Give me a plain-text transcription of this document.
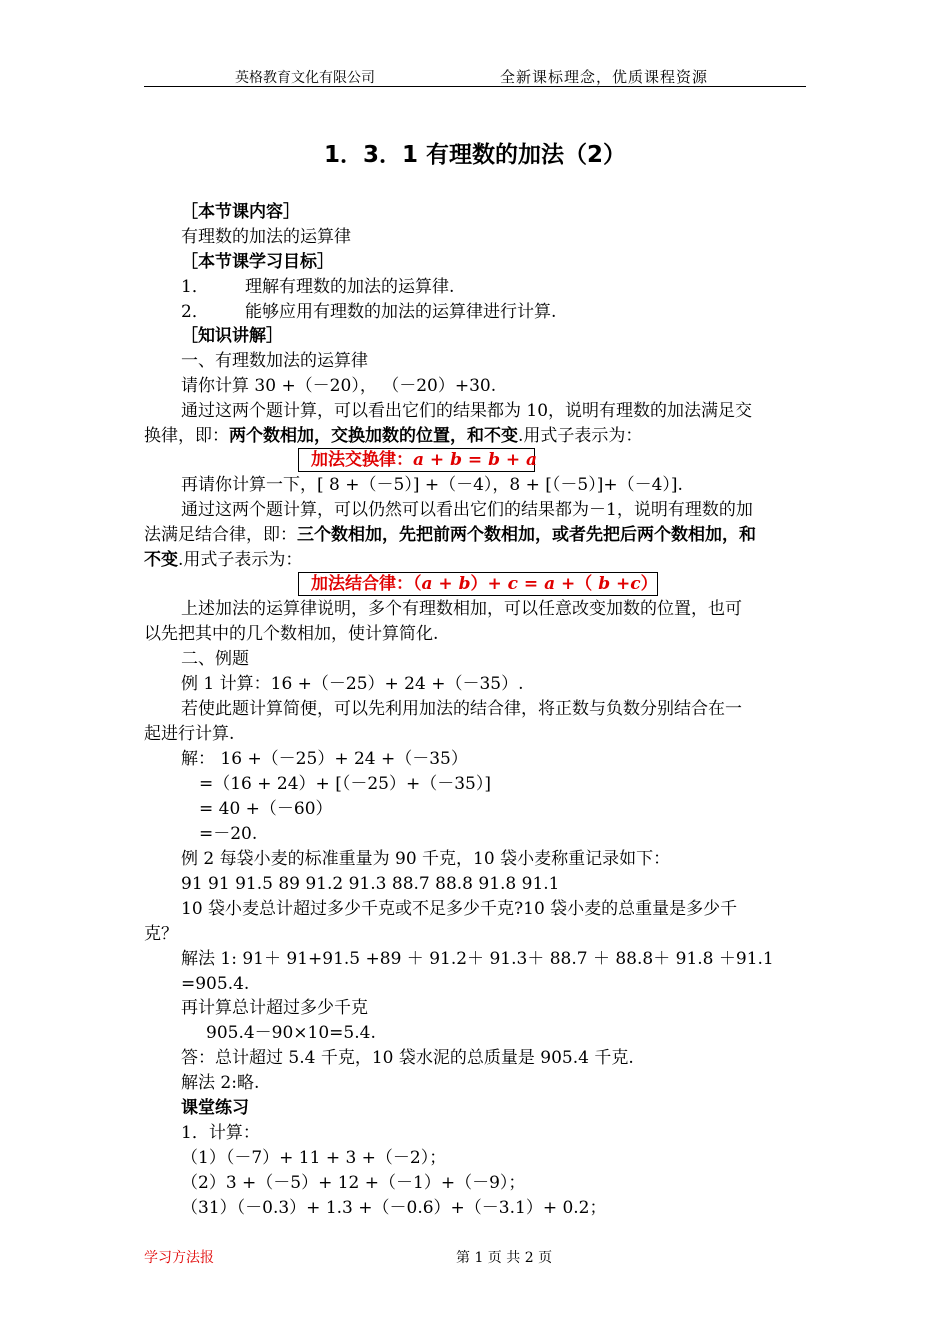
英格教育文化有限公司	全新课标理念，优质课程资源
1．3．1 有理数的加法（2）
［本节课内容］
有理数的加法的运算律
［本节课学习目标］
1． 理解有理数的加法的运算律.
2． 能够应用有理数的加法的运算律进行计算.
［知识讲解］
一、有理数加法的运算律
请你计算 30 +（－20）， （－20）+30.
通过这两个题计算，可以看出它们的结果都为 10，说明有理数的加法满足交
换律，即：两个数相加，交换加数的位置，和不变.用式子表示为：
加法交换律：a + b = b + a
再请你计算一下，[ 8 +（－5）] +（－4），8 + [（－5）]+（－4）].
通过这两个题计算，可以仍然可以看出它们的结果都为－1，说明有理数的加
法满足结合律，即：三个数相加，先把前两个数相加，或者先把后两个数相加，和
不变.用式子表示为：
加法结合律：（a + b）+ c = a +（ b +c）
上述加法的运算律说明，多个有理数相加，可以任意改变加数的位置，也可
以先把其中的几个数相加，使计算简化.
二、例题
例 1 计算：16 +（－25）+ 24 +（－35）.
若使此题计算简便，可以先利用加法的结合律，将正数与负数分别结合在一
起进行计算.
解： 16 +（－25）+ 24 +（－35）
=（16 + 24）+ [（－25）+（－35）]
= 40 +（－60）
=－20.
例 2 每袋小麦的标准重量为 90 千克，10 袋小麦称重记录如下：
91 91 91.5 89 91.2 91.3 88.7 88.8 91.8 91.1
10 袋小麦总计超过多少千克或不足多少千克?10 袋小麦的总重量是多少千
克？
解法 1: 91＋ 91+91.5 +89 ＋ 91.2＋ 91.3＋ 88.7 ＋ 88.8＋ 91.8 ＋91.1
=905.4.
再计算总计超过多少千克
905.4－90×10=5.4.
答：总计超过 5.4 千克，10 袋水泥的总质量是 905.4 千克.
解法 2:略.
课堂练习
1．计算：
（1）（－7）+ 11 + 3 +（－2）；
（2）3 +（－5）+ 12 +（－1）+（－9）；
（31）（－0.3）+ 1.3 +（－0.6）+（－3.1）+ 0.2；
学习方法报	第 1 页 共 2 页
